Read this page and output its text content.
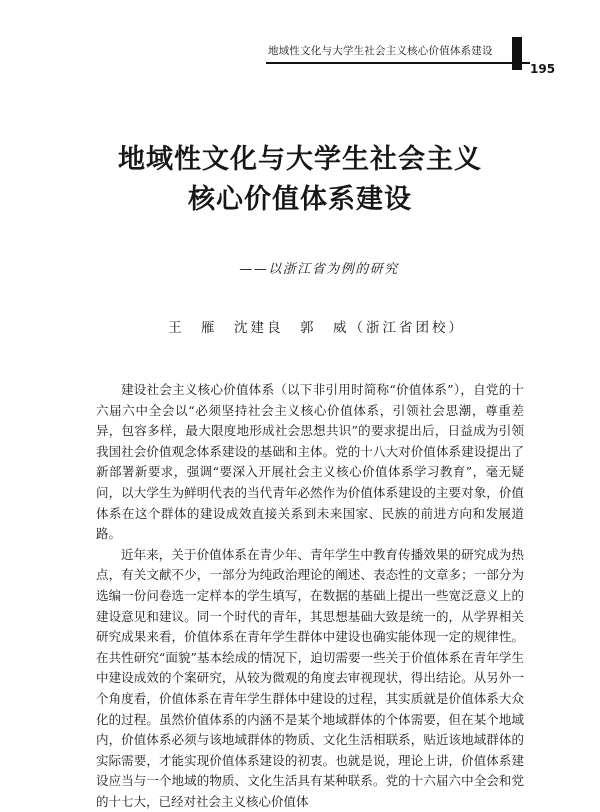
地域性文化与大学生社会主义核心价值体系建设
195
地域性文化与大学生社会主义
核心价值体系建设
——以浙江省为例的研究
王　雁　沈建良　郭　威（浙江省团校）

建设社会主义核心价值体系（以下非引用时简称“价值体系”），自党的十六届六中全会以“必须坚持社会主义核心价值体系，引领社会思潮，尊重差异，包容多样，最大限度地形成社会思想共识”的要求提出后，日益成为引领我国社会价值观念体系建设的基础和主体。党的十八大对价值体系建设提出了新部署新要求，强调“要深入开展社会主义核心价值体系学习教育”，毫无疑问，以大学生为鲜明代表的当代青年必然作为价值体系建设的主要对象，价值体系在这个群体的建设成效直接关系到未来国家、民族的前进方向和发展道路。

近年来，关于价值体系在青少年、青年学生中教育传播效果的研究成为热点，有关文献不少，一部分为纯政治理论的阐述、表态性的文章多；一部分为选编一份问卷选一定样本的学生填写，在数据的基础上提出一些宽泛意义上的建设意见和建议。同一个时代的青年，其思想基础大致是统一的，从学界相关研究成果来看，价值体系在青年学生群体中建设也确实能体现一定的规律性。在共性研究“面貌”基本绘成的情况下，迫切需要一些关于价值体系在青年学生中建设成效的个案研究，从较为微观的角度去审视现状，得出结论。从另外一个角度看，价值体系在青年学生群体中建设的过程，其实质就是价值体系大众化的过程。虽然价值体系的内涵不是某个地域群体的个体需要，但在某个地域内，价值体系必须与该地域群体的物质、文化生活相联系，贴近该地域群体的实际需要，才能实现价值体系建设的初衷。也就是说，理论上讲，价值体系建设应当与一个地域的物质、文化生活具有某种联系。党的十六届六中全会和党的十七大，已经对社会主义核心价值体
